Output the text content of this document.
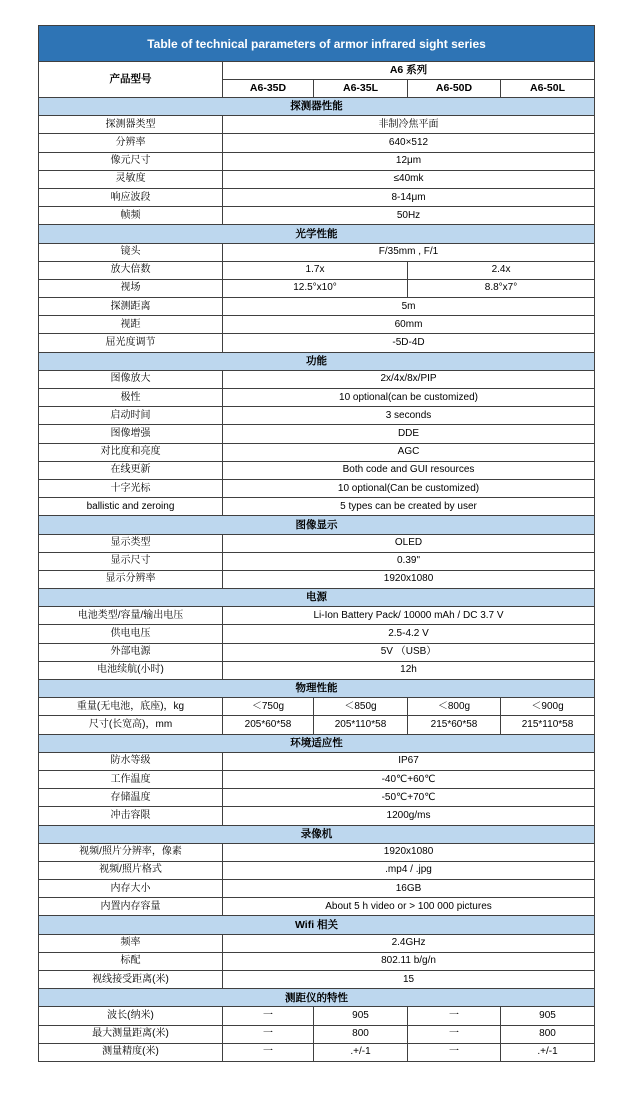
Table of technical parameters of armor infrared sight series				
产品型号	A6 系列			
	A6-35D	A6-35L	A6-50D	A6-50L
探测器性能				
探测器类型	非制冷焦平面			
分辨率	640×512			
像元尺寸	12μm			
灵敏度	≤40mk			
响应波段	8-14μm			
帧频	50Hz			
光学性能				
镜头	F/35mm , F/1			
放大倍数	1.7x		2.4x	
视场	12.5°x10°		8.8°x7°	
探测距离	5m			
视距	60mm			
屈光度调节	-5D-4D			
功能				
图像放大	2x/4x/8x/PIP			
极性	10 optional(can be customized)			
启动时间	3 seconds			
图像增强	DDE			
对比度和亮度	AGC			
在线更新	Both code and GUI resources			
十字光标	10 optional(Can be customized)			
ballistic and zeroing	5 types can be created by user			
图像显示				
显示类型	OLED			
显示尺寸	0.39"			
显示分辨率	1920x1080			
电源				
电池类型/容量/输出电压	Li-Ion Battery Pack/ 10000 mAh / DC 3.7 V			
供电电压	2.5-4.2 V			
外部电源	5V （USB）			
电池续航(小时)	12h			
物理性能				
重量(无电池，底座)，kg	＜750g	＜850g	＜800g	＜900g
尺寸(长宽高)，mm	205*60*58	205*110*58	215*60*58	215*110*58
环境适应性				
防水等级	IP67			
工作温度	-40℃+60℃			
存储温度	-50℃+70℃			
冲击容限	1200g/ms			
录像机				
视频/照片分辨率，像素	1920x1080			
视频/照片格式	.mp4 / .jpg			
内存大小	16GB			
内置内存容量	About 5 h video or > 100 000 pictures			
Wifi 相关				
频率	2.4GHz			
标配	802.11 b/g/n			
视线接受距离(米)	15			
测距仪的特性				
波长(纳米)	一	905	一	905
最大测量距离(米)	一	800	一	800
测量精度(米)	一	.+/-1	一	.+/-1
